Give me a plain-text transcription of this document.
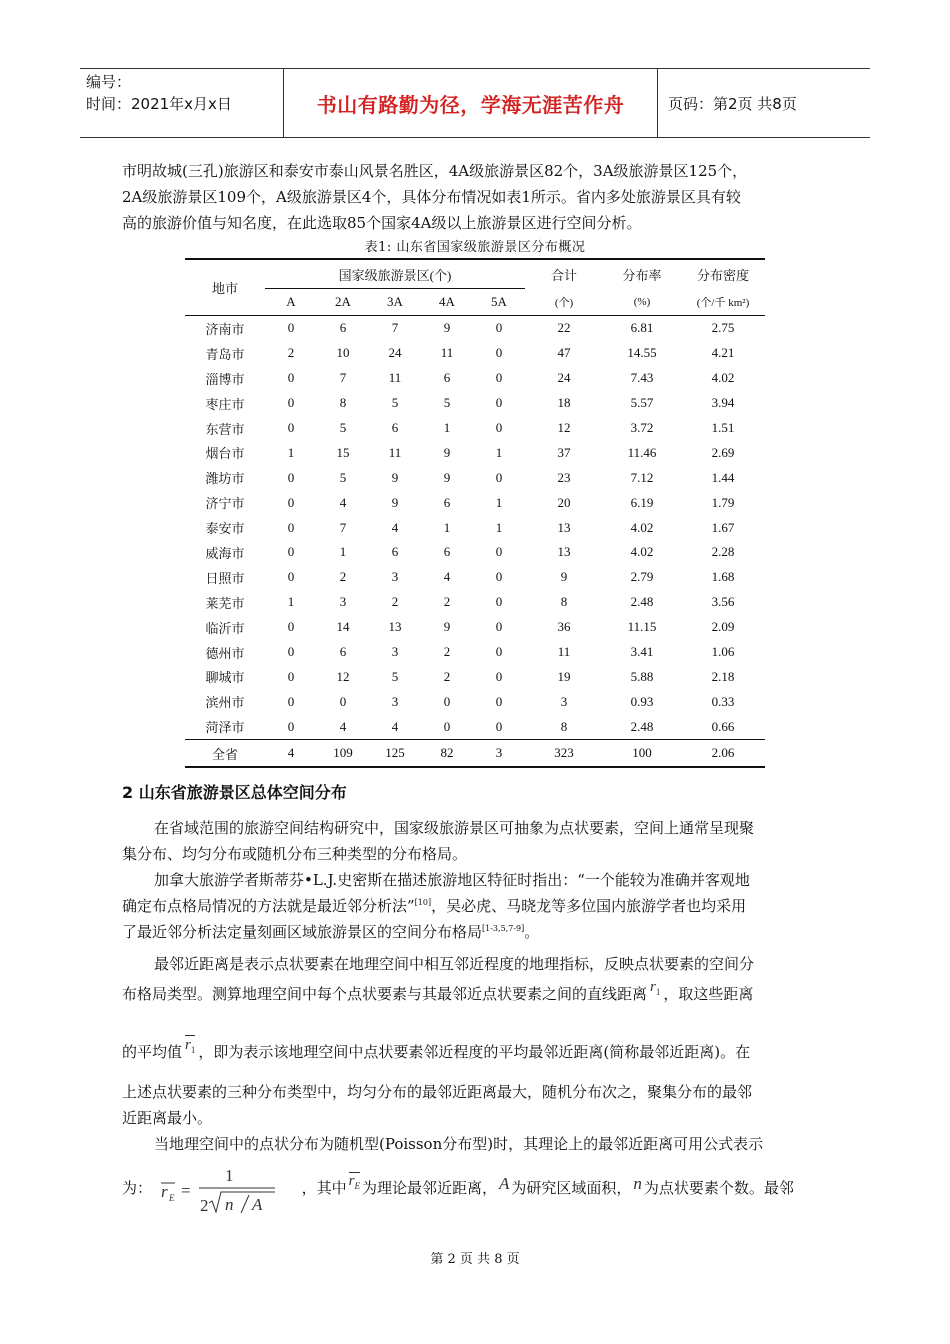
编号：
时间：2021年x月x日	书山有路勤为径，学海无涯苦作舟	页码：第2页 共8页

市明故城(三孔)旅游区和泰安市泰山风景名胜区，4A级旅游景区82个，3A级旅游景区125个，

2A级旅游景区109个，A级旅游景区4个，具体分布情况如表1所示。省内多处旅游景区具有较

高的旅游价值与知名度，在此选取85个国家4A级以上旅游景区进行空间分析。

表1: 山东省国家级旅游景区分布概况
地市	国家级旅游景区(个)					合计	分布率	分布密度
	A	2A	3A	4A	5A	(个)	(%)	(个/千 km²)
济南市	0	6	7	9	0	22	6.81	2.75
青岛市	2	10	24	11	0	47	14.55	4.21
淄博市	0	7	11	6	0	24	7.43	4.02
枣庄市	0	8	5	5	0	18	5.57	3.94
东营市	0	5	6	1	0	12	3.72	1.51
烟台市	1	15	11	9	1	37	11.46	2.69
潍坊市	0	5	9	9	0	23	7.12	1.44
济宁市	0	4	9	6	1	20	6.19	1.79
泰安市	0	7	4	1	1	13	4.02	1.67
威海市	0	1	6	6	0	13	4.02	2.28
日照市	0	2	3	4	0	9	2.79	1.68
莱芜市	1	3	2	2	0	8	2.48	3.56
临沂市	0	14	13	9	0	36	11.15	2.09
德州市	0	6	3	2	0	11	3.41	1.06
聊城市	0	12	5	2	0	19	5.88	2.18
滨州市	0	0	3	0	0	3	0.93	0.33
菏泽市	0	4	4	0	0	8	2.48	0.66
全省	4	109	125	82	3	323	100	2.06
2 山东省旅游景区总体空间分布

在省域范围的旅游空间结构研究中，国家级旅游景区可抽象为点状要素，空间上通常呈现聚

集分布、均匀分布或随机分布三种类型的分布格局。

加拿大旅游学者斯蒂芬•L.J.史密斯在描述旅游地区特征时指出：“一个能较为准确并客观地

确定布点格局情况的方法就是最近邻分析法”[10]，吴必虎、马晓龙等多位国内旅游学者也均采用

了最近邻分析法定量刻画区域旅游景区的空间分布格局[1-3,5,7-9]。

最邻近距离是表示点状要素在地理空间中相互邻近程度的地理指标，反映点状要素的空间分

布格局类型。测算地理空间中每个点状要素与其最邻近点状要素之间的直线距离 $r_1$ ，取这些距离

的平均值 $r_1$ ，即为表示该地理空间中点状要素邻近程度的平均最邻近距离(简称最邻近距离)。在

上述点状要素的三种分布类型中，均匀分布的最邻近距离最大，随机分布次之，聚集分布的最邻

近距离最小。

当地理空间中的点状分布为随机型(Poisson分布型)时，其理论上的最邻近距离可用公式表示

为： r E =
1
2 n A
，其中 $r_E$ 为理论最邻近距离， A 为研究区域面积， n 为点状要素个数。最邻

第 2 页 共 8 页
